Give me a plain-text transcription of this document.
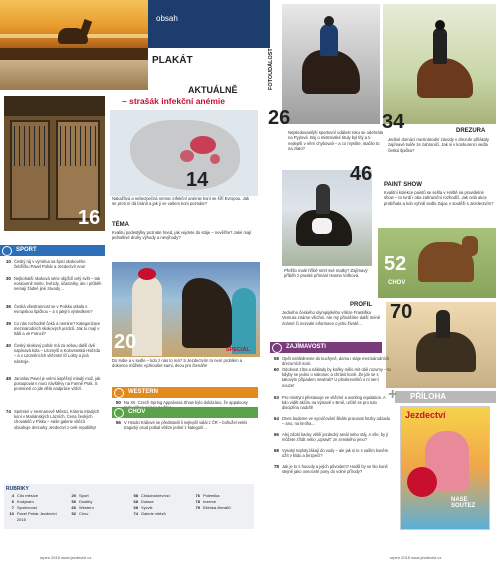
obsah
PLAKÁT
16
AKTUÁLNĚ
– strašák infekční anémie
14
Nakažlivá a nebezpečná nemoc infekční anémie koní se šíří Evropou. Jak se proti ní dá bránit a jak ji ve vašem koni poznáte?
TÉMA
Kvalitu podestýlky poznáte hned, jak vejdete do stáje – nevěříte? Jaké mají jednotlivé druhy výhody a nevýhody?
SPORT
10 Český ráj v výměna na špici skokového žebříčku Pavel Pohár a Jezdectví! Ano!
30 Nejbohatší skoková série objíždí celý svět – tak eoskoutnil mnito, hvězdy, účastníky, ale i průběh nemají žádné jiné závody…
36 Česká všestrannost se v Polsku utkala s evropskou špičkou – a s jakým výsledkem?
39 Co nás rozhodně čeká a nemine? Kategorizace mezinárodních skokových jezdců. Jak to mají v Itálii a ve Francii?
40 Český skokový pohár má za sebou další dvě napínavá kola – Litomyšl a Kolovratská Hvězda – a v Litoměricích vítězství tři Lokty a jiná nástroje.
48 Jaroslav Pavel je velmi úspěšný mladý muž, jak postupovat v moci návštěvy na Farmě Prak. S prominetí co jde dělá nadpráce vítězí.
74 Sprinteri v Hermanově Městci, Kriteria mladých koní v Mariánských Lázních, Cena českých chovatelů v Písku – naše galerie vítězů obsahuje drezurky Jezdectví z celé republiky!
20	SPECIÁL
Do Indie a v sedle – kdo z nás to má? S Jezdectvím to není problém a dokonce můžete vyzkoušet sami, dvou pro čtenáře!
WESTERN
50 Na XII. Czech Spring Appaloosa Show bylo dokázáno, že appaloosy
CHOV
56 V Hradci Králové se představili li nejlepší valái z ČR – bohužel velmi tragický osud potkal vítěze jedné z kategorií…
RUBRIKY
4 Cílo měsíce
6 Kudykam
7 Spolecnost
10 Pavel Pohár Jezdectví 2015
20 Sport
50 Dostihy
60 Western
52 Chov
58 Chladnokrevníci
68 Dotace
68 Výcvik
74 Galerie vítězů
76 Polemika
78 Inzerce
79 Ekimka čtenářů
srpen 2015 www.jezdectvi.cz
FOTOUDÁLOST
26
Nejsledovanější sportovní událost roku se odehrála na Pyjrové. Boj o mistrovské tituly byl lítý a ti nejlepší v něm chybovali – a co myslíte, stačilo to na zlato?
34	DREZURA
Jediné domácí mezinárodní závody v drezuře přilákaly zajímavé tváře ze zahraničí. Jak si v konkurenci vedla česká špička?
46 PAINT SHOW
Kvalitní kolekce paintů se sešla v Hoště na pravidelné show – to tvrdí i oba zahraniční rozhodčí. Jak celá akce probíhala a kdo vyhrál sedlo Zajac v soutěži s Jezdectvím?
52
CHOV
Přežilo malé hříbě smrt své matky? Zajímavý příběh z pruské přímání Hanna Vořková.
PROFIL
Jedného českého olympijského vítěze Františka Ventura známe všichni. Ale my přinášíme další méně známé či nezvalé informace o jeho životě…
70
ZAJÍMAVOSTI
58 Opět nahlédneme do kuchyně, domu i stáje mezinárodních drezurních koní.
60 Odolnost zítra a náklady by koňky mělo mít obě rozumy – to kdyby se jedno o nakonec a chránit koně. Že jde se s takovým případem newtrali? U plnokrevníků o ní není nouze!
63 Pro mistryni přestavuje ve vítězné a working equitation. A kdo vidět akčiru na výstavě v Brně, určitě se pro tuto disciplínu nadchl!
64 Dnes budeme ve vycvičování šikále pracovat hezky odzadu – ano, na kmíha…
66 Alej zdobí kacky větší jezdecký areál nebo stáj. A vše, by jí můžete zřídit nebo „upravit“ ze zenského jeno?
68 Vysoký teploty lákají do vody – ale jak si to s vaším koněm užít v klidu a bezpečí?
78 Jak je to s hucudy a jejich původem? Hodili by se tito koně stejně jako ovnoceté pony do volné přírody?
+ PŘÍLOHA
Jezdectví
NASE SOUTEZ
srpen 2015 www.jezdectvi.cz
